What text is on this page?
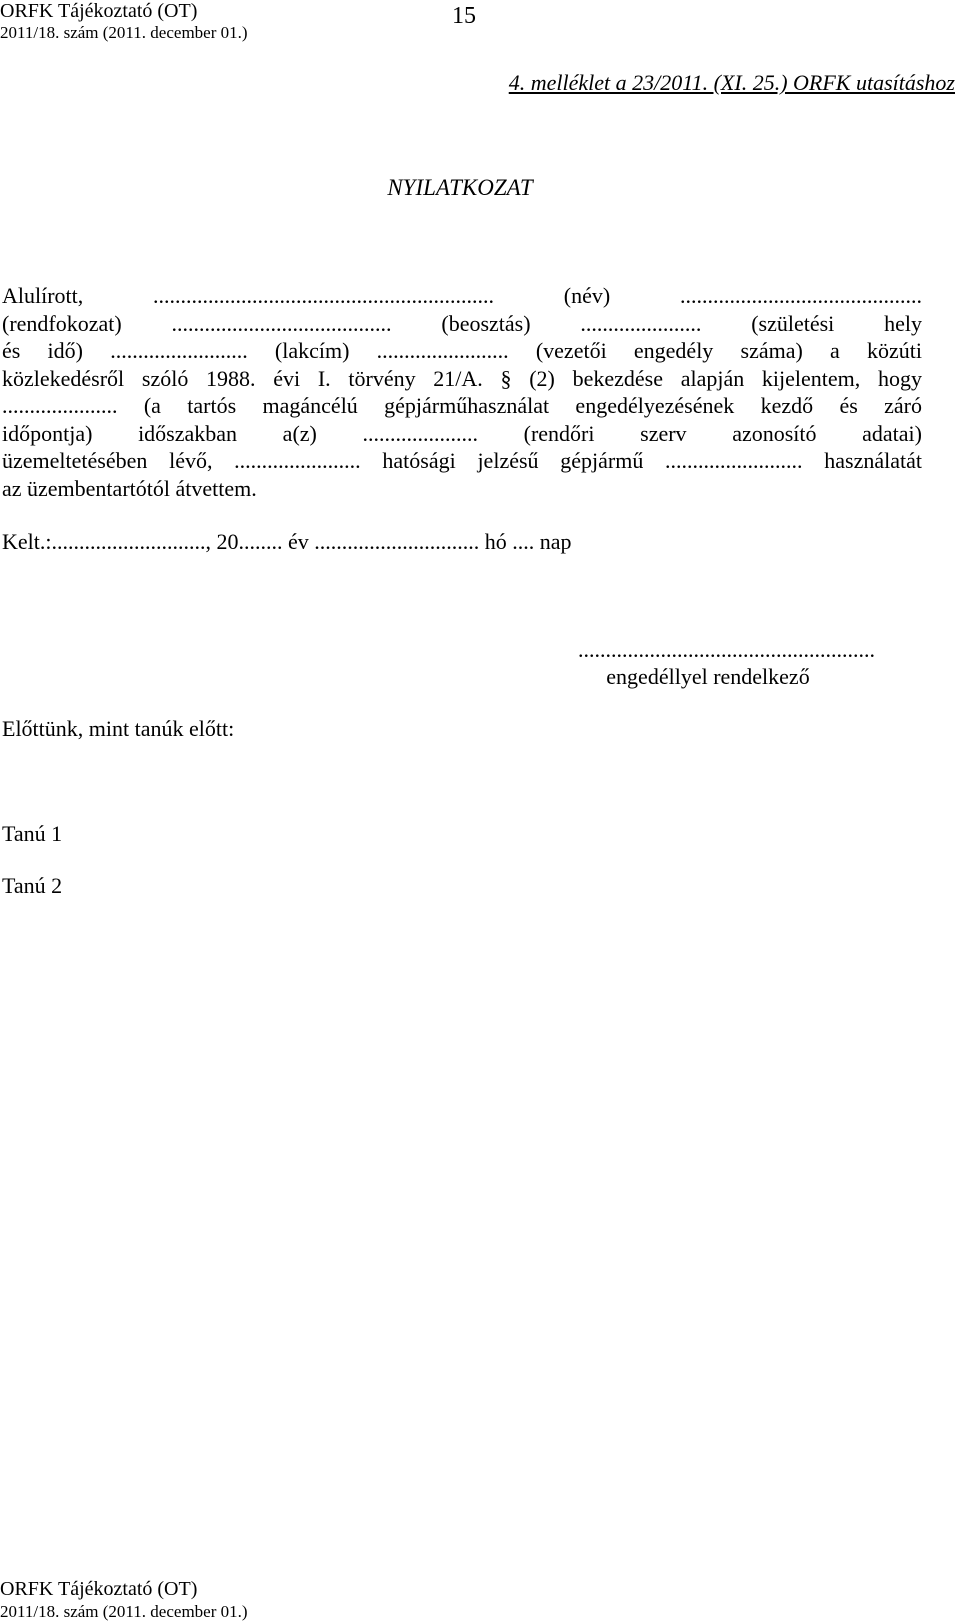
ORFK Tájékoztató (OT)
2011/18. szám (2011. december 01.)
15
4. melléklet a 23/2011. (XI. 25.) ORFK utasításhoz
NYILATKOZAT
Alulírott, .............................................................. (név) ............................................
(rendfokozat) ........................................ (beosztás) ...................... (születési hely
és idő) ......................... (lakcím) ........................ (vezetői engedély száma) a közúti
közlekedésről szóló 1988. évi I. törvény 21/A. § (2) bekezdése alapján kijelentem, hogy
..................... (a tartós magáncélú gépjárműhasználat engedélyezésének kezdő és záró
időpontja) időszakban a(z) ..................... (rendőri szerv azonosító adatai)
üzemeltetésében lévő, ....................... hatósági jelzésű gépjármű ......................... használatát
az üzembentartótól átvettem.
Kelt.:............................, 20........ év .............................. hó .... nap
......................................................
engedéllyel rendelkező
Előttünk, mint tanúk előtt:
Tanú 1
Tanú 2
ORFK Tájékoztató (OT)
2011/18. szám (2011. december 01.)
